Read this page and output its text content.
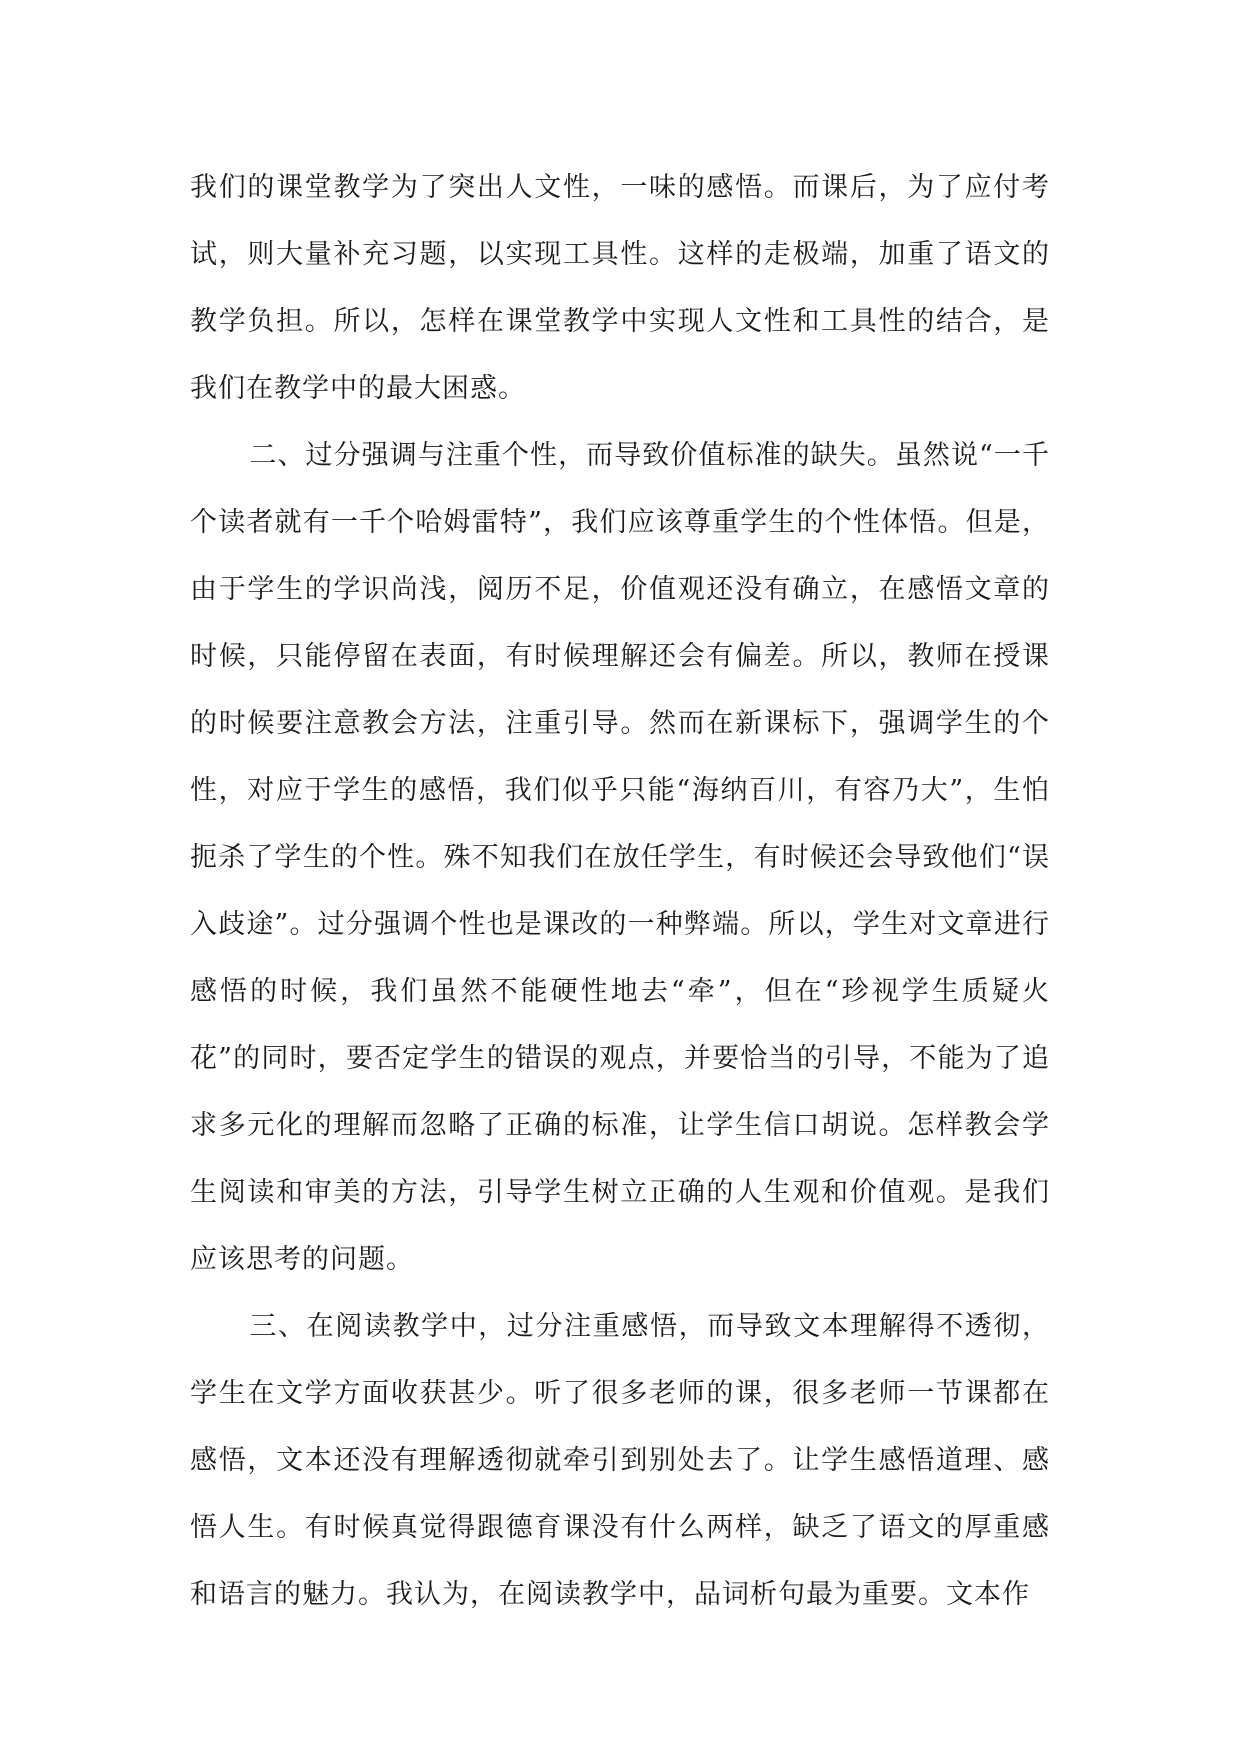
我们的课堂教学为了突出人文性，一味的感悟。而课后，为了应付考试，则大量补充习题，以实现工具性。这样的走极端，加重了语文的教学负担。所以，怎样在课堂教学中实现人文性和工具性的结合，是我们在教学中的最大困惑。

二、过分强调与注重个性，而导致价值标准的缺失。虽然说“一千个读者就有一千个哈姆雷特”，我们应该尊重学生的个性体悟。但是，由于学生的学识尚浅，阅历不足，价值观还没有确立，在感悟文章的时候，只能停留在表面，有时候理解还会有偏差。所以，教师在授课的时候要注意教会方法，注重引导。然而在新课标下，强调学生的个性，对应于学生的感悟，我们似乎只能“海纳百川，有容乃大”，生怕扼杀了学生的个性。殊不知我们在放任学生，有时候还会导致他们“误入歧途”。过分强调个性也是课改的一种弊端。所以，学生对文章进行感悟的时候，我们虽然不能硬性地去“牵”，但在“珍视学生质疑火花”的同时，要否定学生的错误的观点，并要恰当的引导，不能为了追求多元化的理解而忽略了正确的标准，让学生信口胡说。怎样教会学生阅读和审美的方法，引导学生树立正确的人生观和价值观。是我们应该思考的问题。

三、在阅读教学中，过分注重感悟，而导致文本理解得不透彻，学生在文学方面收获甚少。听了很多老师的课，很多老师一节课都在感悟，文本还没有理解透彻就牵引到别处去了。让学生感悟道理、感悟人生。有时候真觉得跟德育课没有什么两样，缺乏了语文的厚重感和语言的魅力。我认为，在阅读教学中，品词析句最为重要。文本作
